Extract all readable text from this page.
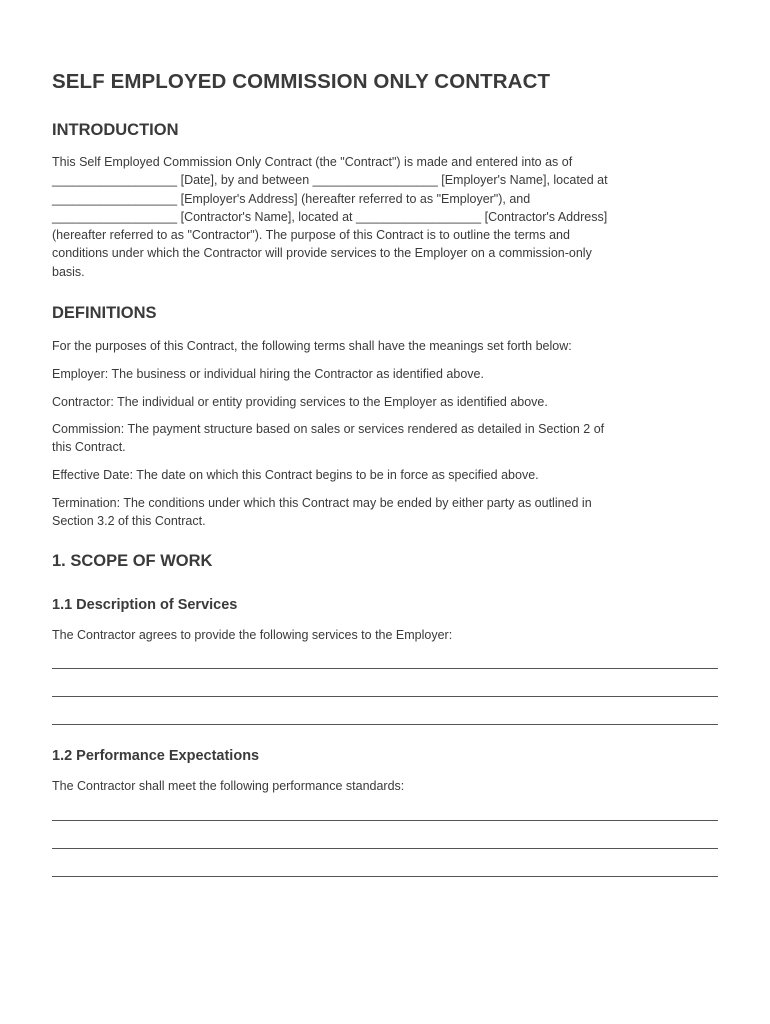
SELF EMPLOYED COMMISSION ONLY CONTRACT
INTRODUCTION
This Self Employed Commission Only Contract (the "Contract") is made and entered into as of
__________________ [Date], by and between __________________ [Employer's Name], located at
__________________ [Employer's Address] (hereafter referred to as "Employer"), and
__________________ [Contractor's Name], located at __________________ [Contractor's Address]
(hereafter referred to as "Contractor"). The purpose of this Contract is to outline the terms and
conditions under which the Contractor will provide services to the Employer on a commission-only
basis.
DEFINITIONS

For the purposes of this Contract, the following terms shall have the meanings set forth below:

Employer: The business or individual hiring the Contractor as identified above.

Contractor: The individual or entity providing services to the Employer as identified above.

Commission: The payment structure based on sales or services rendered as detailed in Section 2 of
this Contract.

Effective Date: The date on which this Contract begins to be in force as specified above.

Termination: The conditions under which this Contract may be ended by either party as outlined in
Section 3.2 of this Contract.
1. SCOPE OF WORK
1.1 Description of Services

The Contractor agrees to provide the following services to the Employer:

1.2 Performance Expectations

The Contractor shall meet the following performance standards:
